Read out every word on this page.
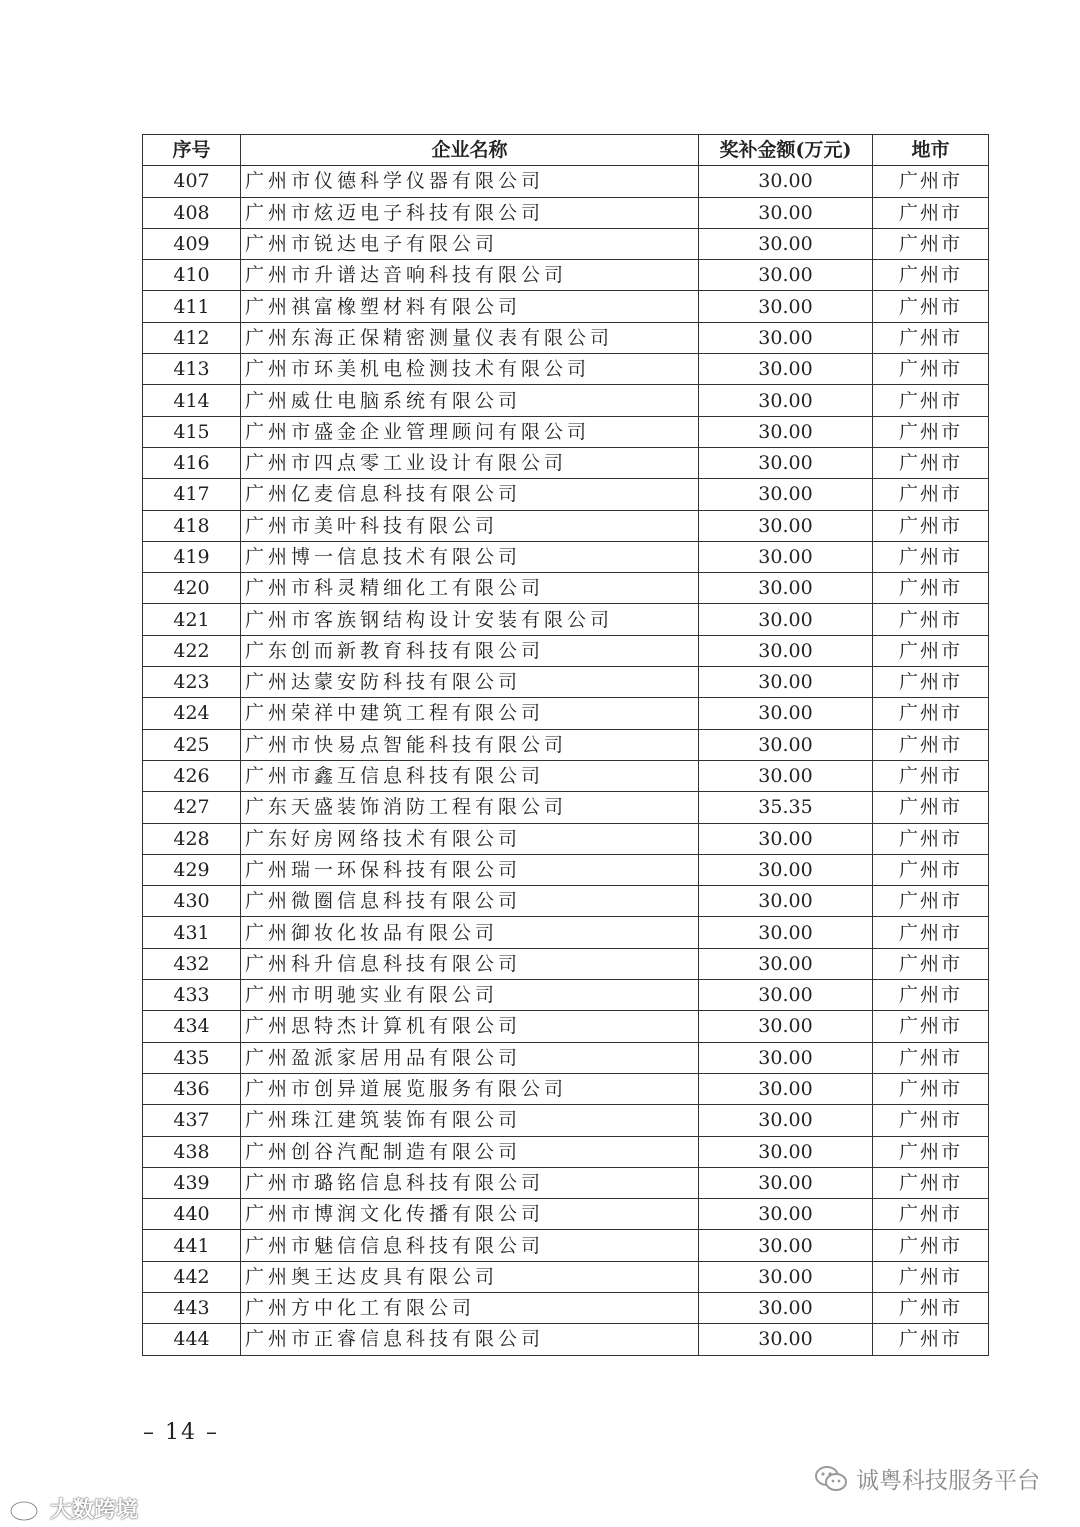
序号	企业名称	奖补金额(万元)	地市
407	广州市仪德科学仪器有限公司	30.00	广州市
408	广州市炫迈电子科技有限公司	30.00	广州市
409	广州市锐达电子有限公司	30.00	广州市
410	广州市升谱达音响科技有限公司	30.00	广州市
411	广州祺富橡塑材料有限公司	30.00	广州市
412	广州东海正保精密测量仪表有限公司	30.00	广州市
413	广州市环美机电检测技术有限公司	30.00	广州市
414	广州威仕电脑系统有限公司	30.00	广州市
415	广州市盛金企业管理顾问有限公司	30.00	广州市
416	广州市四点零工业设计有限公司	30.00	广州市
417	广州亿麦信息科技有限公司	30.00	广州市
418	广州市美叶科技有限公司	30.00	广州市
419	广州博一信息技术有限公司	30.00	广州市
420	广州市科灵精细化工有限公司	30.00	广州市
421	广州市客族钢结构设计安装有限公司	30.00	广州市
422	广东创而新教育科技有限公司	30.00	广州市
423	广州达蒙安防科技有限公司	30.00	广州市
424	广州荣祥中建筑工程有限公司	30.00	广州市
425	广州市快易点智能科技有限公司	30.00	广州市
426	广州市鑫互信息科技有限公司	30.00	广州市
427	广东天盛装饰消防工程有限公司	35.35	广州市
428	广东好房网络技术有限公司	30.00	广州市
429	广州瑞一环保科技有限公司	30.00	广州市
430	广州微圈信息科技有限公司	30.00	广州市
431	广州御妆化妆品有限公司	30.00	广州市
432	广州科升信息科技有限公司	30.00	广州市
433	广州市明驰实业有限公司	30.00	广州市
434	广州思特杰计算机有限公司	30.00	广州市
435	广州盈派家居用品有限公司	30.00	广州市
436	广州市创异道展览服务有限公司	30.00	广州市
437	广州珠江建筑装饰有限公司	30.00	广州市
438	广州创谷汽配制造有限公司	30.00	广州市
439	广州市璐铭信息科技有限公司	30.00	广州市
440	广州市博润文化传播有限公司	30.00	广州市
441	广州市魅信信息科技有限公司	30.00	广州市
442	广州奥王达皮具有限公司	30.00	广州市
443	广州方中化工有限公司	30.00	广州市
444	广州市正睿信息科技有限公司	30.00	广州市
– 14 –
诚粤科技服务平台
大数跨境
